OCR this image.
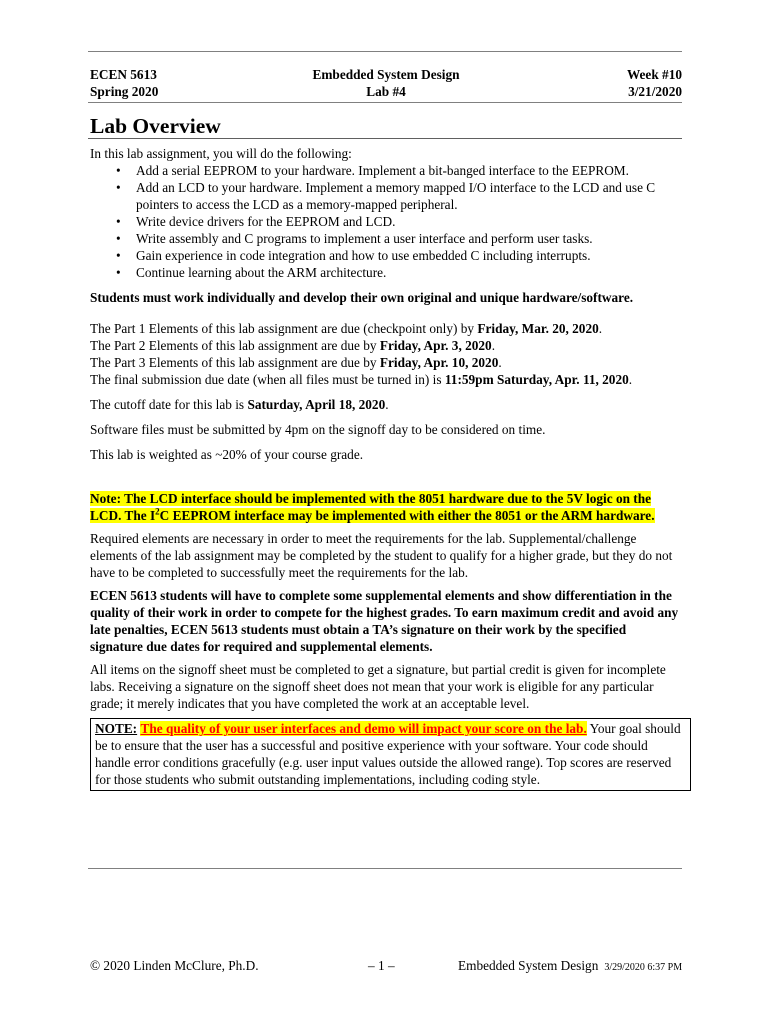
ECEN 5613
Spring 2020
Embedded System Design
Lab #4
Week #10
3/21/2020
Lab Overview

In this lab assignment, you will do the following:

• Add a serial EEPROM to your hardware. Implement a bit-banged interface to the EEPROM.
• Add an LCD to your hardware. Implement a memory mapped I/O interface to the LCD and use C pointers to access the LCD as a memory-mapped peripheral.
• Write device drivers for the EEPROM and LCD.
• Write assembly and C programs to implement a user interface and perform user tasks.
• Gain experience in code integration and how to use embedded C including interrupts.
• Continue learning about the ARM architecture.

Students must work individually and develop their own original and unique hardware/software.

The Part 1 Elements of this lab assignment are due (checkpoint only) by Friday, Mar. 20, 2020.

The Part 2 Elements of this lab assignment are due by Friday, Apr. 3, 2020.

The Part 3 Elements of this lab assignment are due by Friday, Apr. 10, 2020.

The final submission due date (when all files must be turned in) is 11:59pm Saturday, Apr. 11, 2020.

The cutoff date for this lab is Saturday, April 18, 2020.

Software files must be submitted by 4pm on the signoff day to be considered on time.

This lab is weighted as ~20% of your course grade.

Note: The LCD interface should be implemented with the 8051 hardware due to the 5V logic on the LCD. The $I^2C$ EEPROM interface may be implemented with either the 8051 or the ARM hardware.

Required elements are necessary in order to meet the requirements for the lab. Supplemental/challenge elements of the lab assignment may be completed by the student to qualify for a higher grade, but they do not have to be completed to successfully meet the requirements for the lab.

ECEN 5613 students will have to complete some supplemental elements and show differentiation in the quality of their work in order to compete for the highest grades. To earn maximum credit and avoid any late penalties, ECEN 5613 students must obtain a TA’s signature on their work by the specified signature due dates for required and supplemental elements.

All items on the signoff sheet must be completed to get a signature, but partial credit is given for incomplete labs. Receiving a signature on the signoff sheet does not mean that your work is eligible for any particular grade; it merely indicates that you have completed the work at an acceptable level.

NOTE: The quality of your user interfaces and demo will impact your score on the lab. Your goal should be to ensure that the user has a successful and positive experience with your software. Your code should handle error conditions gracefully (e.g. user input values outside the allowed range). Top scores are reserved for those students who submit outstanding implementations, including coding style.

© 2020 Linden McClure, Ph.D.	– 1 –	Embedded System Design 3/29/2020 6:37 PM
